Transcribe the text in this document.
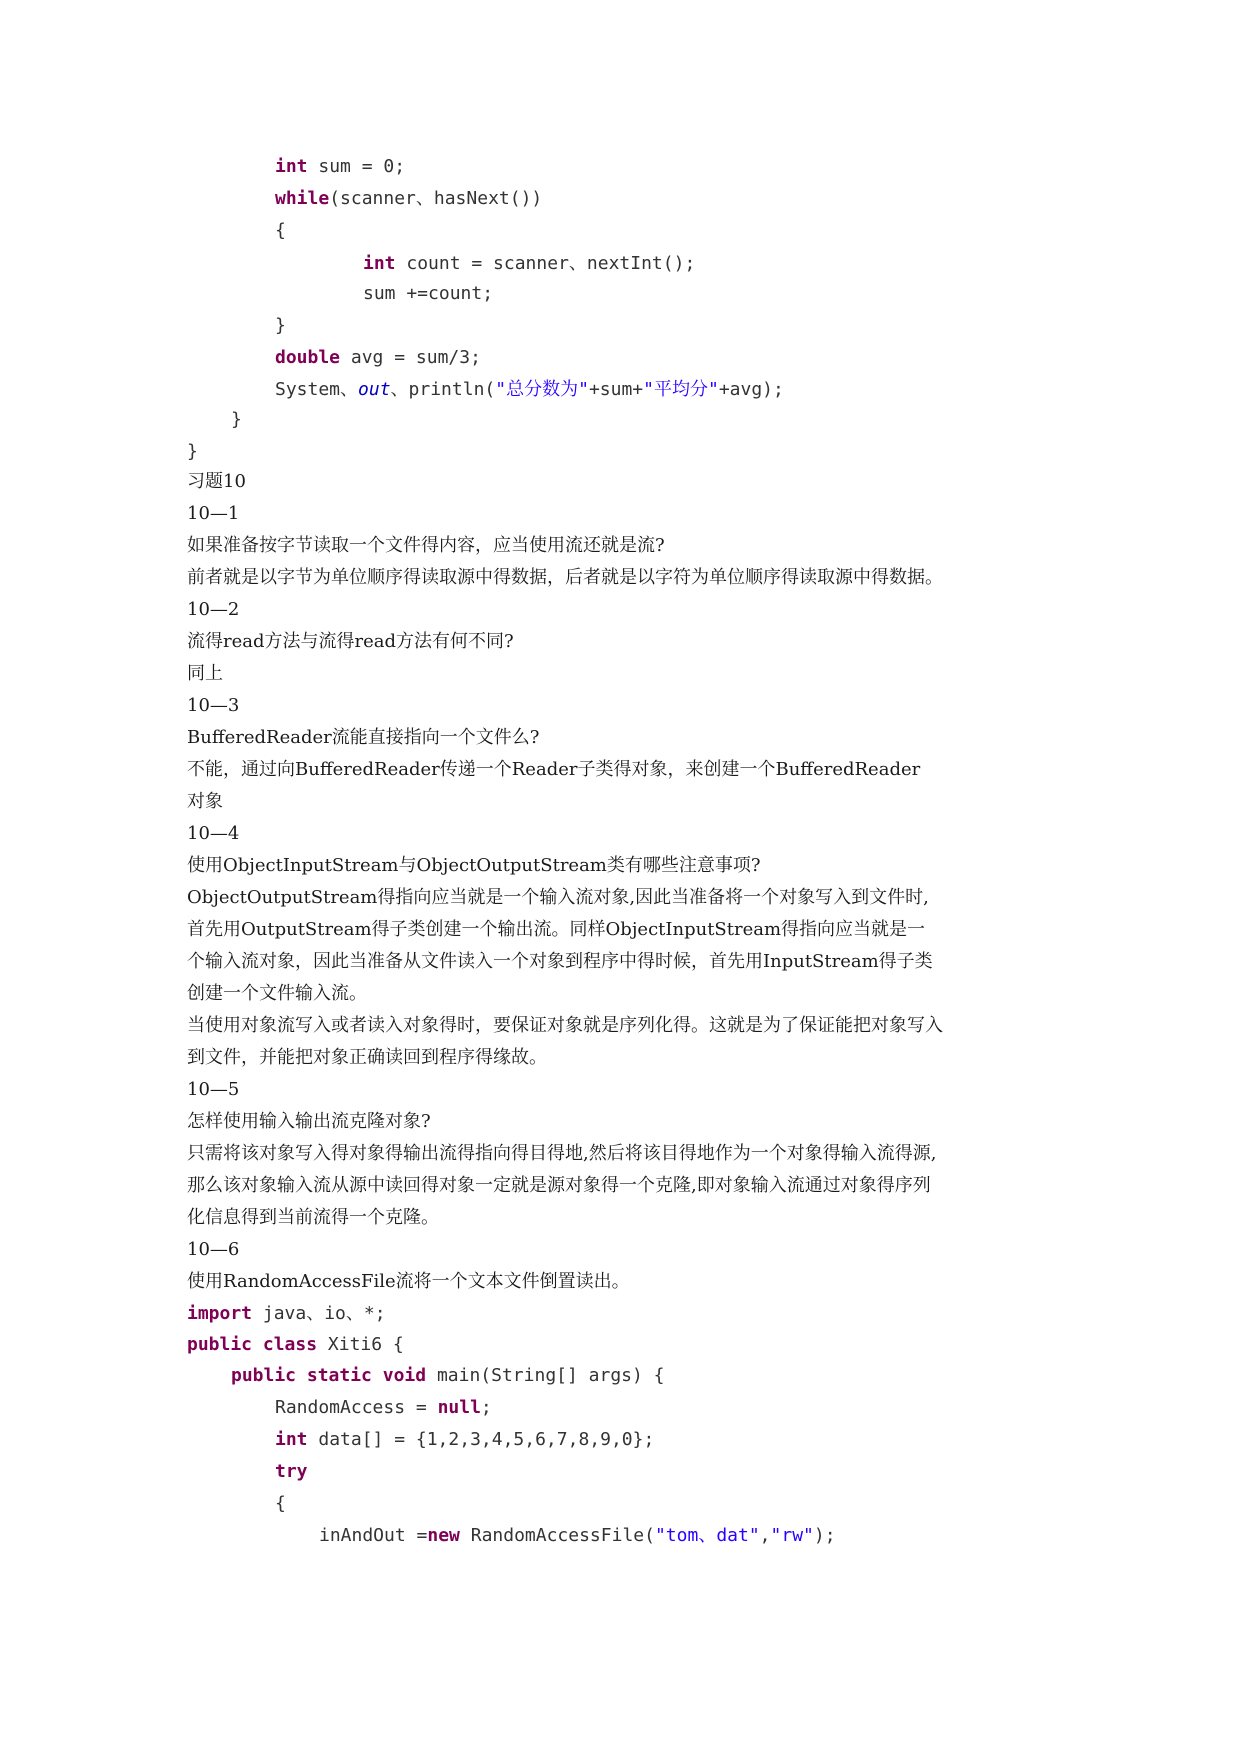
int sum = 0;
while(scanner、hasNext())
{
int count = scanner、nextInt();
sum +=count;
}
double avg = sum/3;
System、out、println("总分数为"+sum+"平均分"+avg);
}
}
习题10
10—1
如果准备按字节读取一个文件得内容，应当使用流还就是流?
前者就是以字节为单位顺序得读取源中得数据，后者就是以字符为单位顺序得读取源中得数据。
10—2
流得read方法与流得read方法有何不同?
同上
10—3
BufferedReader流能直接指向一个文件么?
不能，通过向BufferedReader传递一个Reader子类得对象，来创建一个BufferedReader
对象
10—4
使用ObjectInputStream与ObjectOutputStream类有哪些注意事项?
ObjectOutputStream得指向应当就是一个输入流对象,因此当准备将一个对象写入到文件时,
首先用OutputStream得子类创建一个输出流。同样ObjectInputStream得指向应当就是一
个输入流对象，因此当准备从文件读入一个对象到程序中得时候，首先用InputStream得子类
创建一个文件输入流。
当使用对象流写入或者读入对象得时，要保证对象就是序列化得。这就是为了保证能把对象写入
到文件，并能把对象正确读回到程序得缘故。
10—5
怎样使用输入输出流克隆对象?
只需将该对象写入得对象得输出流得指向得目得地,然后将该目得地作为一个对象得输入流得源,
那么该对象输入流从源中读回得对象一定就是源对象得一个克隆,即对象输入流通过对象得序列
化信息得到当前流得一个克隆。
10—6
使用RandomAccessFile流将一个文本文件倒置读出。
import java、io、*;
public class Xiti6 {
public static void main(String[] args) {
RandomAccess = null;
int data[] = {1,2,3,4,5,6,7,8,9,0};
try
{
inAndOut =new RandomAccessFile("tom、dat","rw");
